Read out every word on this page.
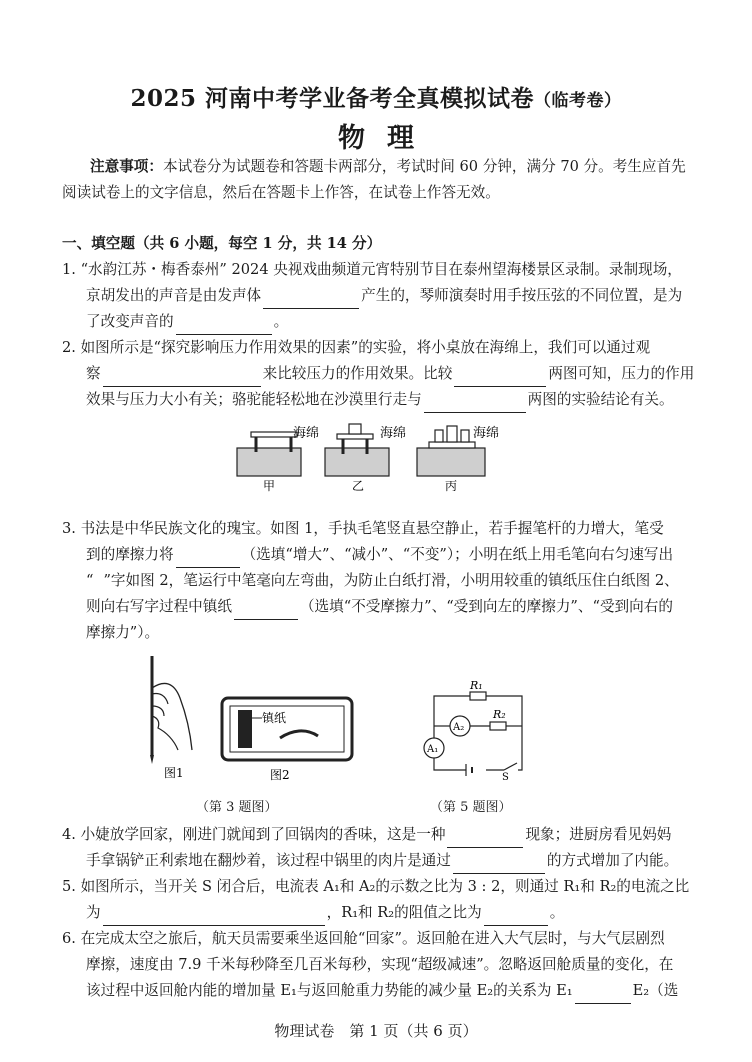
2025 河南中考学业备考全真模拟试卷（临考卷）
物理
注意事项：本试卷分为试题卷和答题卡两部分，考试时间 60 分钟，满分 70 分。考生应首先
阅读试卷上的文字信息，然后在答题卡上作答，在试卷上作答无效。
一、填空题（共 6 小题，每空 1 分，共 14 分）
1. “水韵江苏・梅香泰州” 2024 央视戏曲频道元宵特别节目在泰州望海楼景区录制。录制现场，
京胡发出的声音是由发声体	产生的，琴师演奏时用手按压弦的不同位置，是为
了改变声音的	。
2. 如图所示是“探究影响压力作用效果的因素”的实验，将小桌放在海绵上，我们可以通过观
察	来比较压力的作用效果。比较	两图可知，压力的作用
效果与压力大小有关；骆驼能轻松地在沙漠里行走与	两图的实验结论有关。
海绵
甲
海绵
乙
海绵
丙
3. 书法是中华民族文化的瑰宝。如图 1，手执毛笔竖直悬空静止，若手握笔杆的力增大，笔受
到的摩擦力将	（选填“增大”、“减小”、“不变”）；小明在纸上用毛笔向右匀速写出
“ ”字如图 2，笔运行中笔毫向左弯曲，为防止白纸打滑，小明用较重的镇纸压住白纸图 2、
则向右写字过程中镇纸	（选填“不受摩擦力”、“受到向左的摩擦力”、“受到向右的
摩擦力”）。
图1
镇纸
图2
（第 3 题图）
R₁
R₂
A₂
A₁
S
（第 5 题图）
4. 小婕放学回家，刚进门就闻到了回锅肉的香味，这是一种	现象；进厨房看见妈妈
手拿锅铲正利索地在翻炒着，该过程中锅里的肉片是通过	的方式增加了内能。
5. 如图所示，当开关 S 闭合后，电流表 A₁和 A₂的示数之比为 3 : 2，则通过 R₁和 R₂的电流之比
为	，R₁和 R₂的阻值之比为	。
6. 在完成太空之旅后，航天员需要乘坐返回舱“回家”。返回舱在进入大气层时，与大气层剧烈
摩擦，速度由 7.9 千米每秒降至几百米每秒，实现“超级减速”。忽略返回舱质量的变化，在
该过程中返回舱内能的增加量 E₁与返回舱重力势能的减少量 E₂的关系为 E₁	E₂（选
物理试卷　第 1 页（共 6 页）
